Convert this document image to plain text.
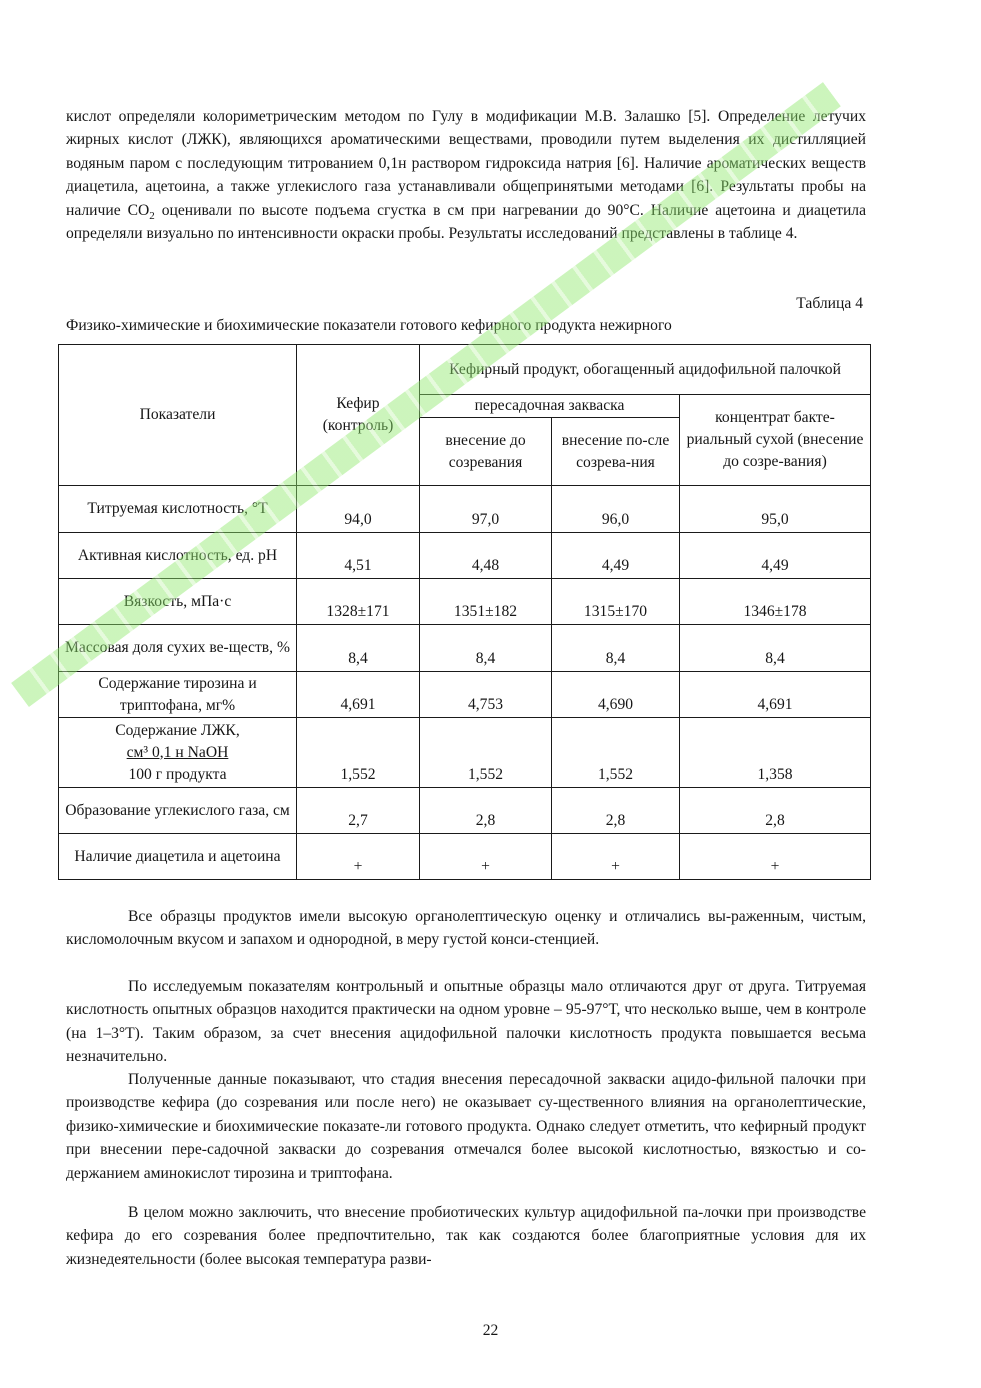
кислот определяли колориметрическим методом по Гулу в модификации М.В. Залашко [5]. Определение летучих жирных кислот (ЛЖК), являющихся ароматическими веществами, проводили путем выделения их дистилляцией водяным паром с последующим титрованием 0,1н раствором гидроксида натрия [6]. Наличие ароматических веществ диацетила, ацетоина, а также углекислого газа устанавливали общепринятыми методами [6]. Результаты пробы на наличие $CO_2$ оценивали по высоте подъема сгустка в см при нагревании до 90°С. Наличие ацетоина и диацетила определяли визуально по интенсивности окраски пробы. Результаты исследований представлены в таблице 4.

Таблица 4
Физико-химические и биохимические показатели готового кефирного продукта нежирного
Показатели	Кефир (контроль)	Кефирный продукт, обогащенный ацидофильной палочкой		
		пересадочная закваска		концентрат бакте-риальный сухой (внесение до созре-вания)
		внесение до созревания	внесение по-сле созрева-ния	
Титруемая кислотность, °Т	94,0	97,0	96,0	95,0
Активная кислотность, ед. pH	4,51	4,48	4,49	4,49
Вязкость, мПа·с	1328±171	1351±182	1315±170	1346±178
Массовая доля сухих ве-ществ, %	8,4	8,4	8,4	8,4
Содержание тирозина и триптофана, мг%	4,691	4,753	4,690	4,691

Содержание ЛЖК,
см³ 0,1 н NaOH
100 г продукта	1,552	1,552	1,552	1,358
Образование углекислого газа, см	2,7	2,8	2,8	2,8
Наличие диацетила и ацетоина	+	+	+	+

Все образцы продуктов имели высокую органолептическую оценку и отличались вы-раженным, чистым, кисломолочным вкусом и запахом и однородной, в меру густой конси-стенцией.

По исследуемым показателям контрольный и опытные образцы мало отличаются друг от друга. Титруемая кислотность опытных образцов находится практически на одном уровне – 95-97°Т, что несколько выше, чем в контроле (на 1–3°Т). Таким образом, за счет внесения ацидофильной палочки кислотность продукта повышается весьма незначительно.

Полученные данные показывают, что стадия внесения пересадочной закваски ацидо-фильной палочки при производстве кефира (до созревания или после него) не оказывает су-щественного влияния на органолептические, физико-химические и биохимические показате-ли готового продукта. Однако следует отметить, что кефирный продукт при внесении пере-садочной закваски до созревания отмечался более высокой кислотностью, вязкостью и со-держанием аминокислот тирозина и триптофана.

В целом можно заключить, что внесение пробиотических культур ацидофильной па-лочки при производстве кефира до его созревания более предпочтительно, так как создаются более благоприятные условия для их жизнедеятельности (более высокая температура разви-

22
